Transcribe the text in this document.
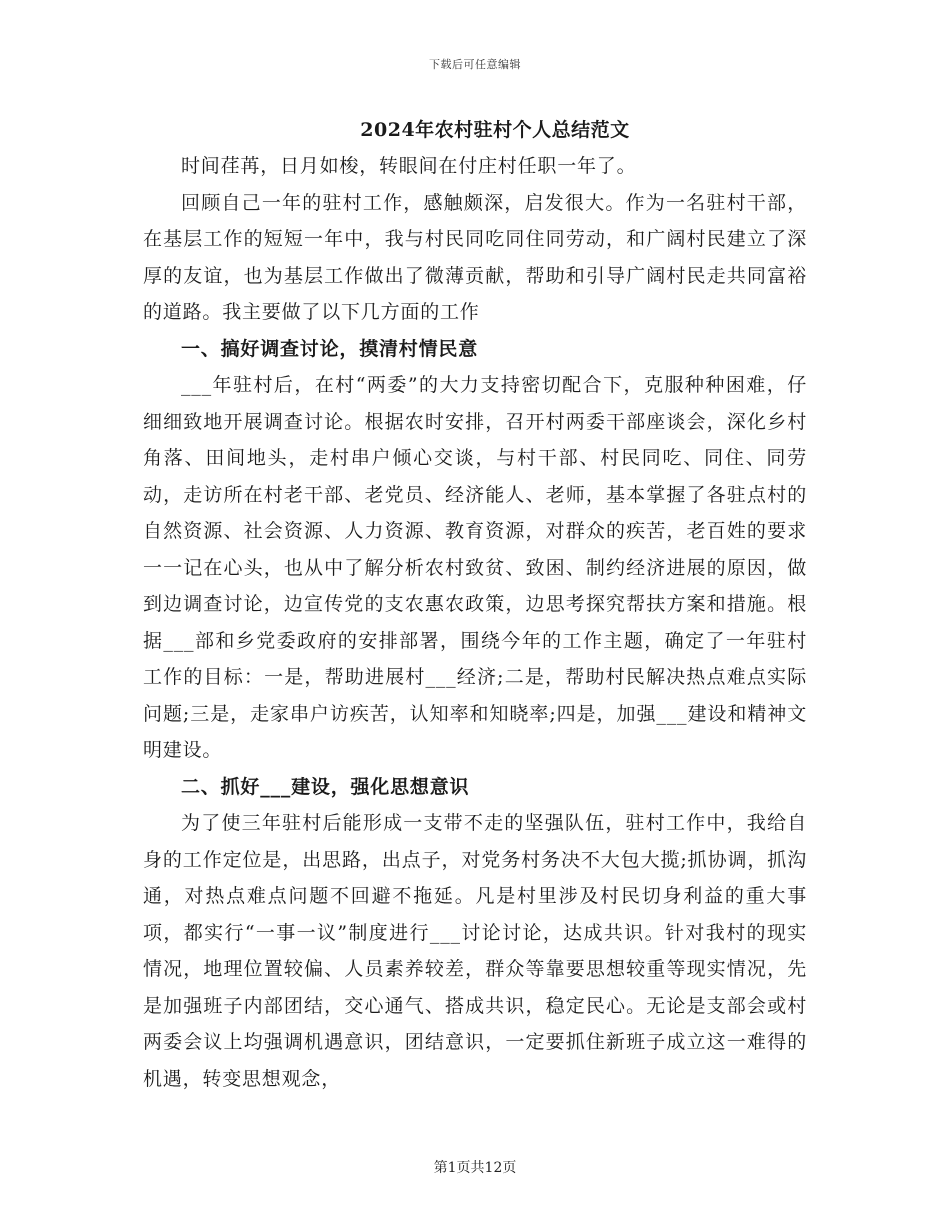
下载后可任意编辑
2024年农村驻村个人总结范文

时间荏苒，日月如梭，转眼间在付庄村任职一年了。

回顾自己一年的驻村工作，感触颇深，启发很大。作为一名驻村干部，在基层工作的短短一年中，我与村民同吃同住同劳动，和广阔村民建立了深厚的友谊，也为基层工作做出了微薄贡献，帮助和引导广阔村民走共同富裕的道路。我主要做了以下几方面的工作

一、搞好调查讨论，摸清村情民意

___年驻村后，在村“两委”的大力支持密切配合下，克服种种困难，仔细细致地开展调查讨论。根据农时安排，召开村两委干部座谈会，深化乡村角落、田间地头，走村串户倾心交谈，与村干部、村民同吃、同住、同劳动，走访所在村老干部、老党员、经济能人、老师，基本掌握了各驻点村的自然资源、社会资源、人力资源、教育资源，对群众的疾苦，老百姓的要求一一记在心头，也从中了解分析农村致贫、致困、制约经济进展的原因，做到边调查讨论，边宣传党的支农惠农政策，边思考探究帮扶方案和措施。根据___部和乡党委政府的安排部署，围绕今年的工作主题，确定了一年驻村工作的目标：一是，帮助进展村___经济;二是，帮助村民解决热点难点实际问题;三是，走家串户访疾苦，认知率和知晓率;四是，加强___建设和精神文明建设。

二、抓好___建设，强化思想意识

为了使三年驻村后能形成一支带不走的坚强队伍，驻村工作中，我给自身的工作定位是，出思路，出点子，对党务村务决不大包大揽;抓协调，抓沟通，对热点难点问题不回避不拖延。凡是村里涉及村民切身利益的重大事项，都实行“一事一议”制度进行___讨论讨论，达成共识。针对我村的现实情况，地理位置较偏、人员素养较差，群众等靠要思想较重等现实情况，先是加强班子内部团结，交心通气、搭成共识，稳定民心。无论是支部会或村两委会议上均强调机遇意识，团结意识，一定要抓住新班子成立这一难得的机遇，转变思想观念，

第1页共12页
